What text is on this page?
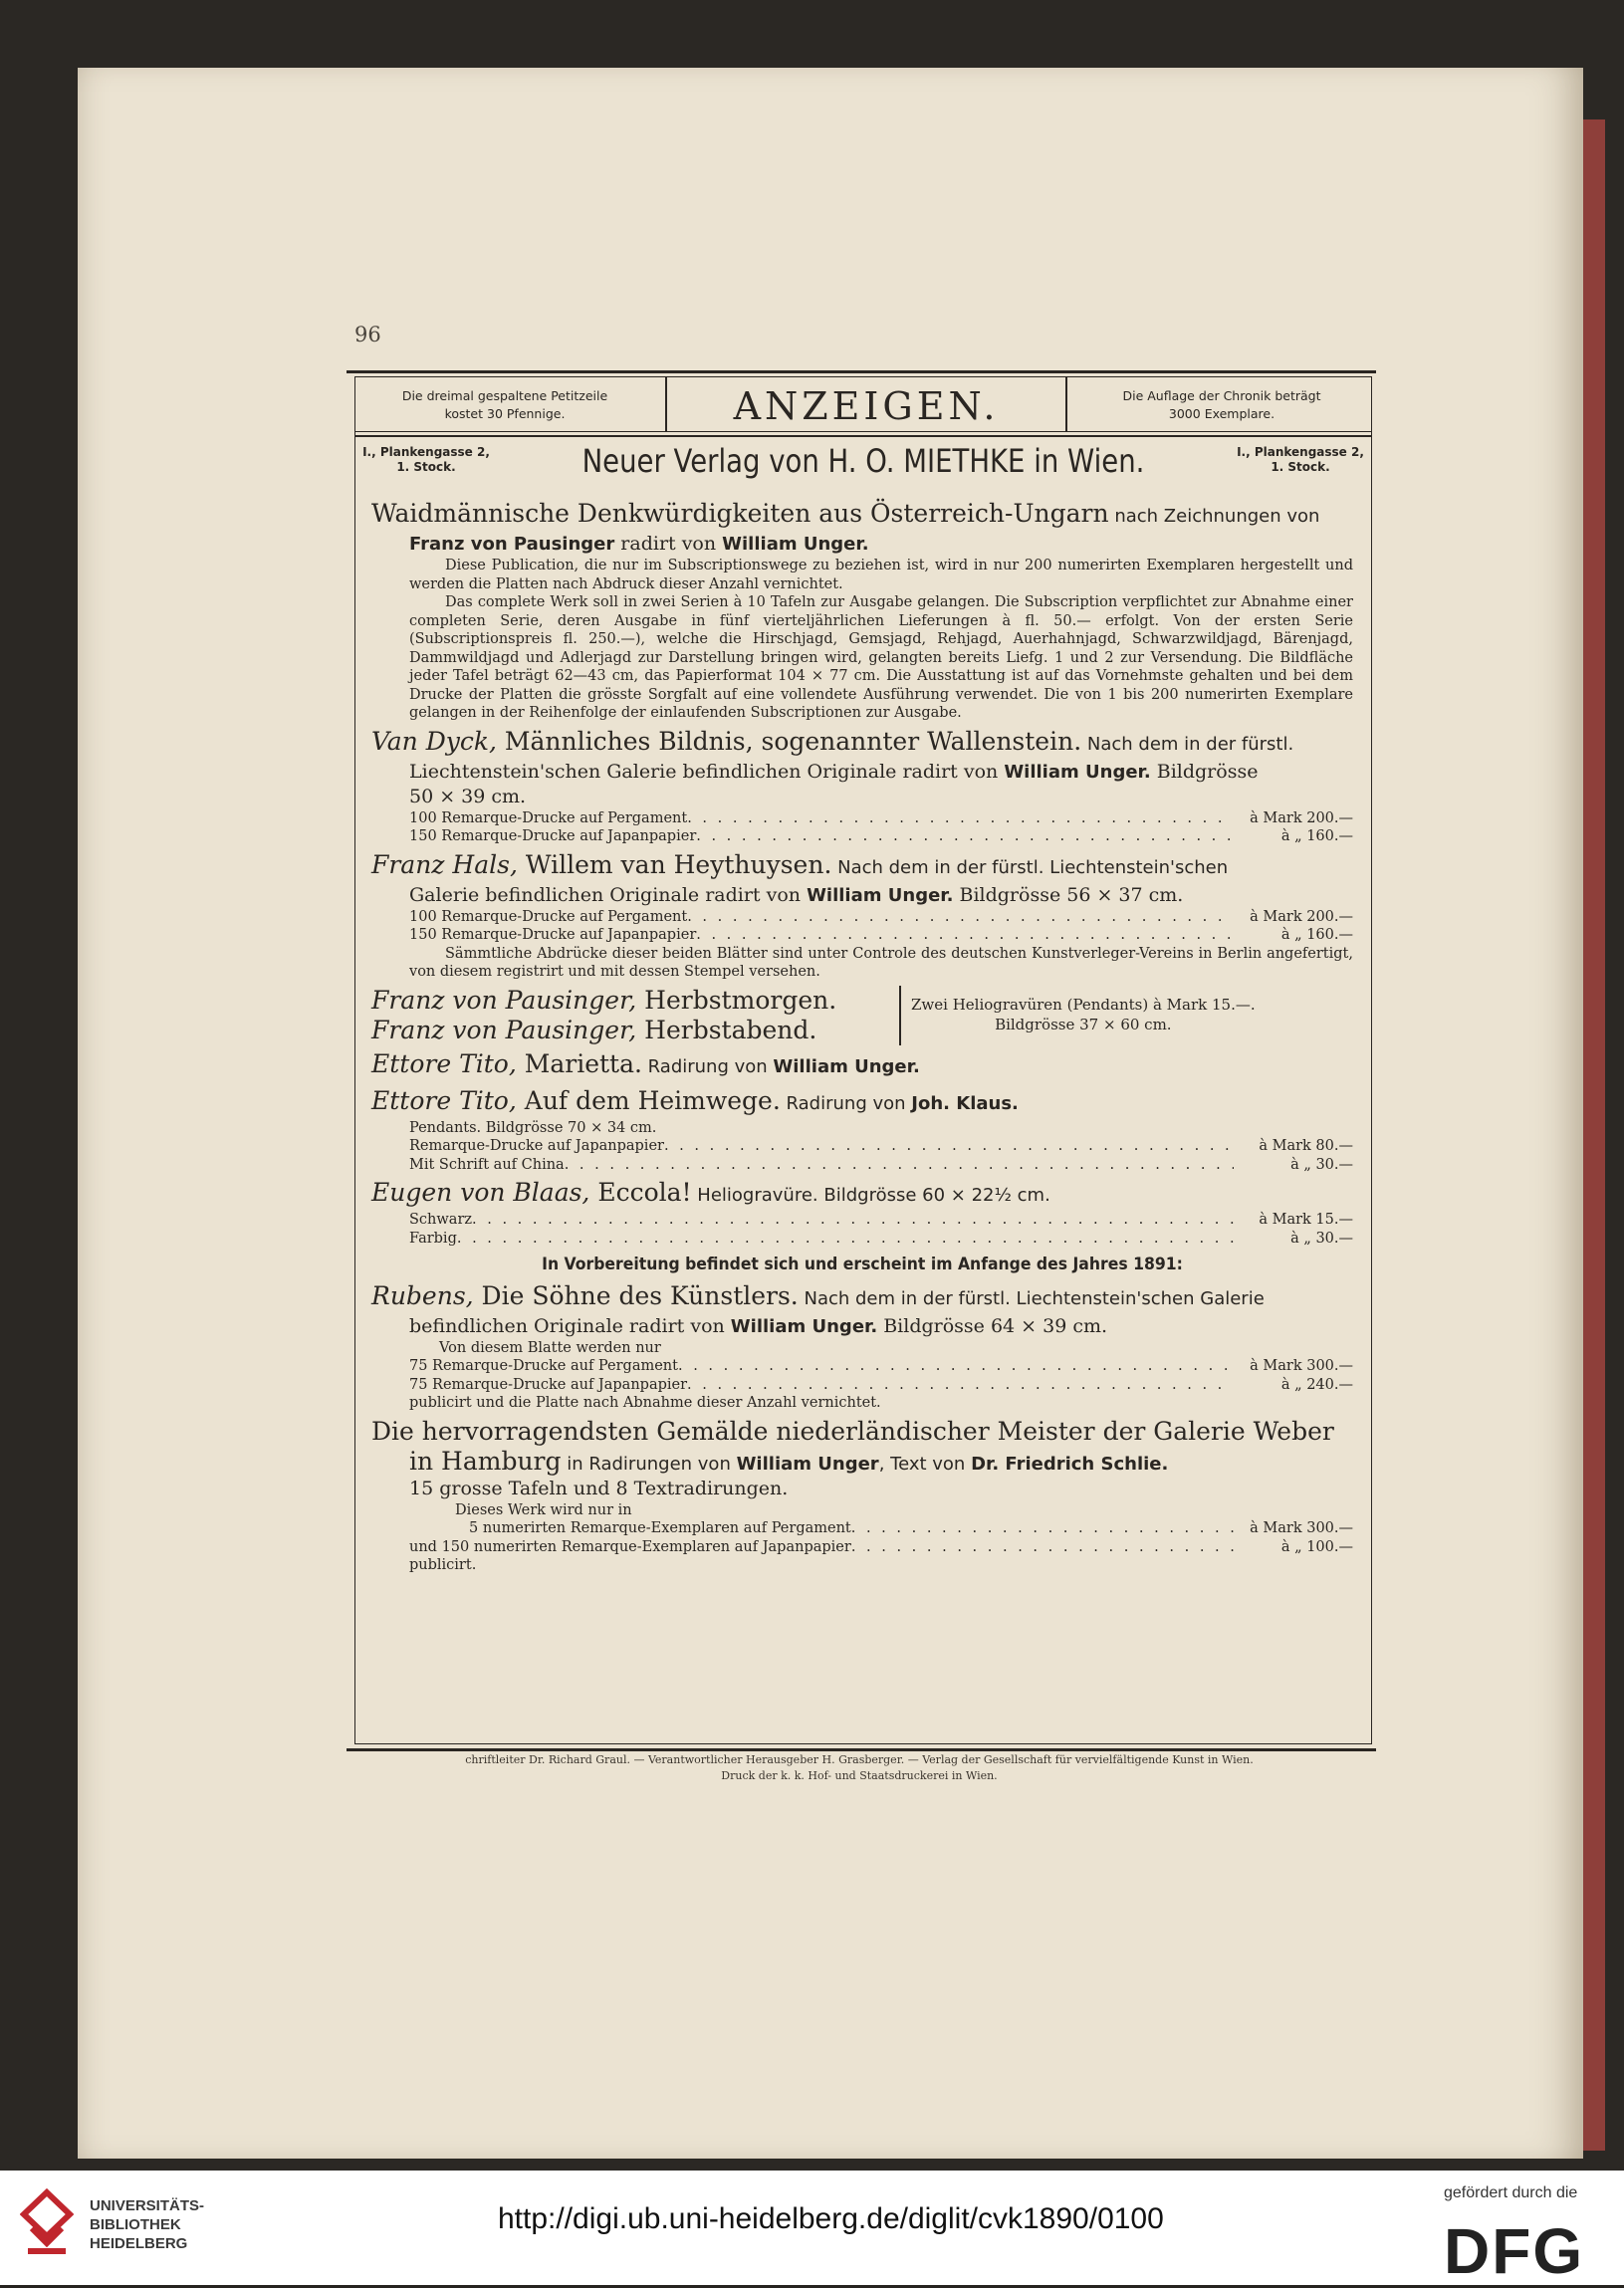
96
Die dreimal gespaltene Petitzeile
kostet 30 Pfennige.	ANZEIGEN.	Die Auflage der Chronik beträgt
3000 Exemplare.
I., Plankengasse 2,
1. Stock.	Neuer Verlag von H. O. MIETHKE in Wien.	I., Plankengasse 2,
1. Stock.
Waidmännische Denkwürdigkeiten aus Österreich-Ungarn nach Zeichnungen von
Franz von Pausinger radirt von William Unger.
Diese Publication, die nur im Subscriptionswege zu beziehen ist, wird in nur 200 numerirten Exemplaren hergestellt und werden die Platten nach Abdruck dieser Anzahl vernichtet.
Das complete Werk soll in zwei Serien à 10 Tafeln zur Ausgabe gelangen. Die Subscription verpflichtet zur Abnahme einer completen Serie, deren Ausgabe in fünf vierteljährlichen Lieferungen à fl. 50.— erfolgt. Von der ersten Serie (Subscriptionspreis fl. 250.—), welche die Hirschjagd, Gemsjagd, Rehjagd, Auerhahnjagd, Schwarzwildjagd, Bärenjagd, Dammwildjagd und Adlerjagd zur Darstellung bringen wird, gelangten bereits Liefg. 1 und 2 zur Versendung. Die Bildfläche jeder Tafel beträgt 62—43 cm, das Papierformat 104 × 77 cm. Die Ausstattung ist auf das Vornehmste gehalten und bei dem Drucke der Platten die grösste Sorgfalt auf eine vollendete Ausführung verwendet. Die von 1 bis 200 numerirten Exemplare gelangen in der Reihenfolge der einlaufenden Subscriptionen zur Ausgabe.
Van Dyck, Männliches Bildnis, sogenannter Wallenstein. Nach dem in der fürstl.
Liechtenstein'schen Galerie befindlichen Originale radirt von William Unger. Bildgrösse
50 × 39 cm.
100 Remarque-Drucke auf Pergament . . .	à Mark 200.—
150 Remarque-Drucke auf Japanpapier . . .	à „ 160.—
Franz Hals, Willem van Heythuysen. Nach dem in der fürstl. Liechtenstein'schen
Galerie befindlichen Originale radirt von William Unger. Bildgrösse 56 × 37 cm.
100 Remarque-Drucke auf Pergament . . .	à Mark 200.—
150 Remarque-Drucke auf Japanpapier . . .	à „ 160.—
Sämmtliche Abdrücke dieser beiden Blätter sind unter Controle des deutschen Kunstverleger-Vereins in Berlin angefertigt, von diesem registrirt und mit dessen Stempel versehen.
Franz von Pausinger, Herbstmorgen.
Franz von Pausinger, Herbstabend.
Zwei Heliogravüren (Pendants) à Mark 15.—.
Bildgrösse 37 × 60 cm.
Ettore Tito, Marietta. Radirung von William Unger.
Ettore Tito, Auf dem Heimwege. Radirung von Joh. Klaus.
Pendants. Bildgrösse 70 × 34 cm.
Remarque-Drucke auf Japanpapier . . .	à Mark 80.—
Mit Schrift auf China . . .	à „ 30.—
Eugen von Blaas, Eccola! Heliogravüre. Bildgrösse 60 × 22½ cm.
Schwarz . . .	à Mark 15.—
Farbig . . .	à „ 30.—
In Vorbereitung befindet sich und erscheint im Anfange des Jahres 1891:
Rubens, Die Söhne des Künstlers. Nach dem in der fürstl. Liechtenstein'schen Galerie
befindlichen Originale radirt von William Unger. Bildgrösse 64 × 39 cm.
Von diesem Blatte werden nur
75 Remarque-Drucke auf Pergament . . .	à Mark 300.—
75 Remarque-Drucke auf Japanpapier . . .	à „ 240.—
publicirt und die Platte nach Abnahme dieser Anzahl vernichtet.
Die hervorragendsten Gemälde niederländischer Meister der Galerie Weber
in Hamburg in Radirungen von William Unger, Text von Dr. Friedrich Schlie.
15 grosse Tafeln und 8 Textradirungen.
Dieses Werk wird nur in
5 numerirten Remarque-Exemplaren auf Pergament . . .	à Mark 300.—
und 150 numerirten Remarque-Exemplaren auf Japanpapier . . .	à „ 100.—
publicirt.
chriftleiter Dr. Richard Graul. — Verantwortlicher Herausgeber H. Grasberger. — Verlag der Gesellschaft für vervielfältigende Kunst in Wien.
Druck der k. k. Hof- und Staatsdruckerei in Wien.
UNIVERSITÄTS-
BIBLIOTHEK
HEIDELBERG
http://digi.ub.uni-heidelberg.de/diglit/cvk1890/0100
gefördert durch die
DFG
